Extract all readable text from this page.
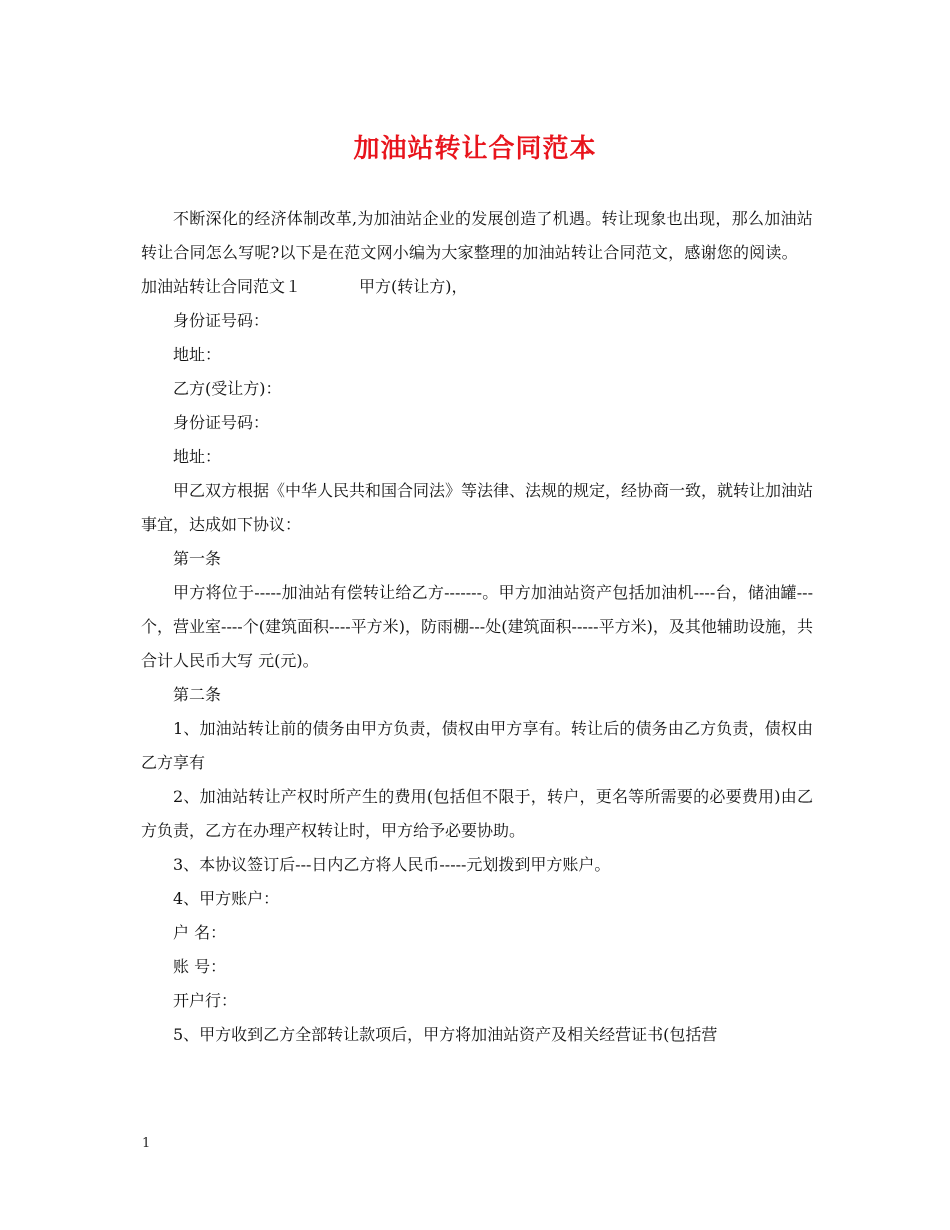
加油站转让合同范本

不断深化的经济体制改革,为加油站企业的发展创造了机遇。转让现象也出现，那么加油站转让合同怎么写呢?以下是在范文网小编为大家整理的加油站转让合同范文，感谢您的阅读。

加油站转让合同范文１	甲方(转让方)，

身份证号码：

地址：

乙方(受让方)：

身份证号码：

地址：

甲乙双方根据《中华人民共和国合同法》等法律、法规的规定，经协商一致，就转让加油站事宜，达成如下协议：

第一条

甲方将位于-----加油站有偿转让给乙方-------。甲方加油站资产包括加油机----台，储油罐---个，营业室----个(建筑面积----平方米)，防雨棚---处(建筑面积-----平方米)，及其他辅助设施，共合计人民币大写 元(元)。

第二条

1、加油站转让前的债务由甲方负责，债权由甲方享有。转让后的债务由乙方负责，债权由乙方享有

2、加油站转让产权时所产生的费用(包括但不限于，转户，更名等所需要的必要费用)由乙方负责，乙方在办理产权转让时，甲方给予必要协助。

3、本协议签订后---日内乙方将人民币-----元划拨到甲方账户。

4、甲方账户：

户 名：

账 号：

开户行：

5、甲方收到乙方全部转让款项后，甲方将加油站资产及相关经营证书(包括营

1
